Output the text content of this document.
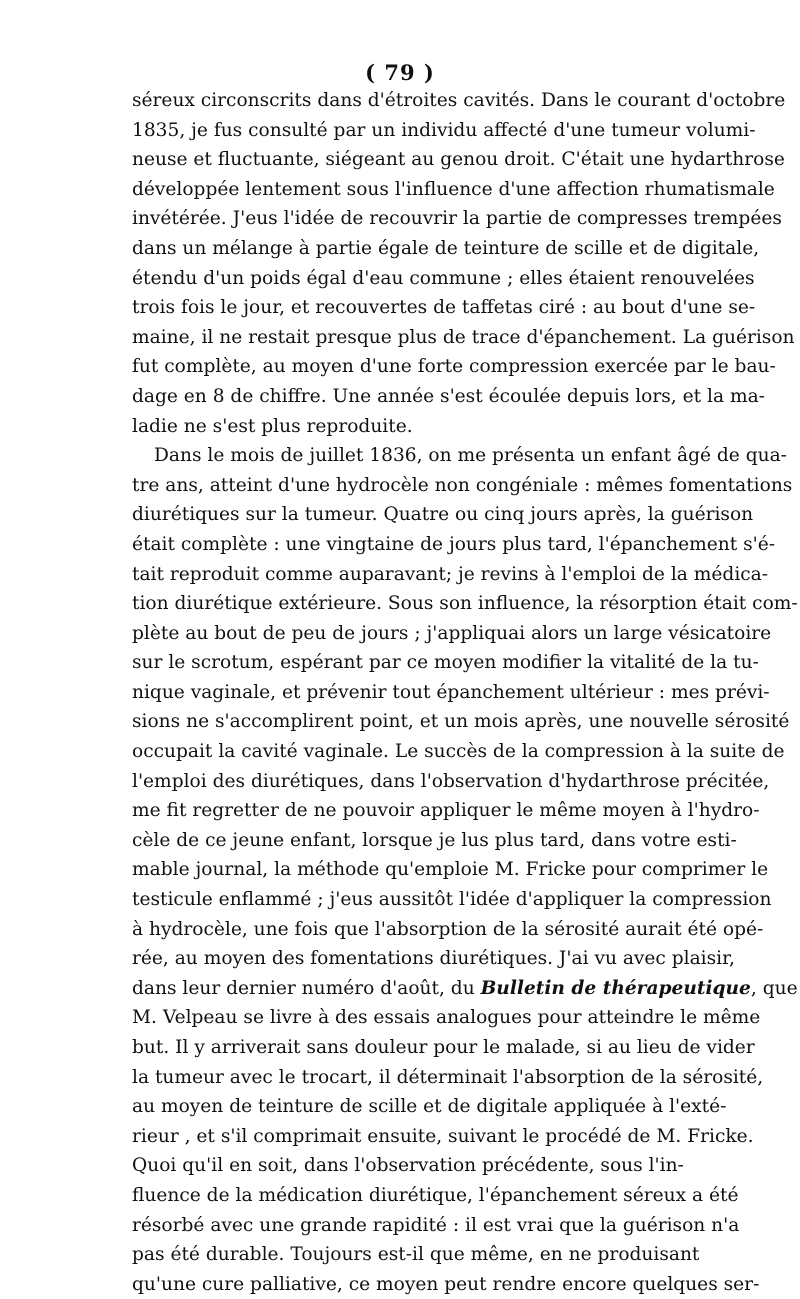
( 79 )
séreux circonscrits dans d'étroites cavités. Dans le courant d'octobre
1835, je fus consulté par un individu affecté d'une tumeur volumi-
neuse et fluctuante, siégeant au genou droit. C'était une hydarthrose
développée lentement sous l'influence d'une affection rhumatismale
invétérée. J'eus l'idée de recouvrir la partie de compresses trempées
dans un mélange à partie égale de teinture de scille et de digitale,
étendu d'un poids égal d'eau commune ; elles étaient renouvelées
trois fois le jour, et recouvertes de taffetas ciré : au bout d'une se-
maine, il ne restait presque plus de trace d'épanchement. La guérison
fut complète, au moyen d'une forte compression exercée par le bau-
dage en 8 de chiffre. Une année s'est écoulée depuis lors, et la ma-
ladie ne s'est plus reproduite.
Dans le mois de juillet 1836, on me présenta un enfant âgé de qua-
tre ans, atteint d'une hydrocèle non congéniale : mêmes fomentations
diurétiques sur la tumeur. Quatre ou cinq jours après, la guérison
était complète : une vingtaine de jours plus tard, l'épanchement s'é-
tait reproduit comme auparavant; je revins à l'emploi de la médica-
tion diurétique extérieure. Sous son influence, la résorption était com-
plète au bout de peu de jours ; j'appliquai alors un large vésicatoire
sur le scrotum, espérant par ce moyen modifier la vitalité de la tu-
nique vaginale, et prévenir tout épanchement ultérieur : mes prévi-
sions ne s'accomplirent point, et un mois après, une nouvelle sérosité
occupait la cavité vaginale. Le succès de la compression à la suite de
l'emploi des diurétiques, dans l'observation d'hydarthrose précitée,
me fit regretter de ne pouvoir appliquer le même moyen à l'hydro-
cèle de ce jeune enfant, lorsque je lus plus tard, dans votre esti-
mable journal, la méthode qu'emploie M. Fricke pour comprimer le
testicule enflammé ; j'eus aussitôt l'idée d'appliquer la compression
à hydrocèle, une fois que l'absorption de la sérosité aurait été opé-
rée, au moyen des fomentations diurétiques. J'ai vu avec plaisir,
dans leur dernier numéro d'août, du Bulletin de thérapeutique, que
M. Velpeau se livre à des essais analogues pour atteindre le même
but. Il y arriverait sans douleur pour le malade, si au lieu de vider
la tumeur avec le trocart, il déterminait l'absorption de la sérosité,
au moyen de teinture de scille et de digitale appliquée à l'exté-
rieur , et s'il comprimait ensuite, suivant le procédé de M. Fricke.
Quoi qu'il en soit, dans l'observation précédente, sous l'in-
fluence de la médication diurétique, l'épanchement séreux a été
résorbé avec une grande rapidité : il est vrai que la guérison n'a
pas été durable. Toujours est-il que même, en ne produisant
qu'une cure palliative, ce moyen peut rendre encore quelques ser-
